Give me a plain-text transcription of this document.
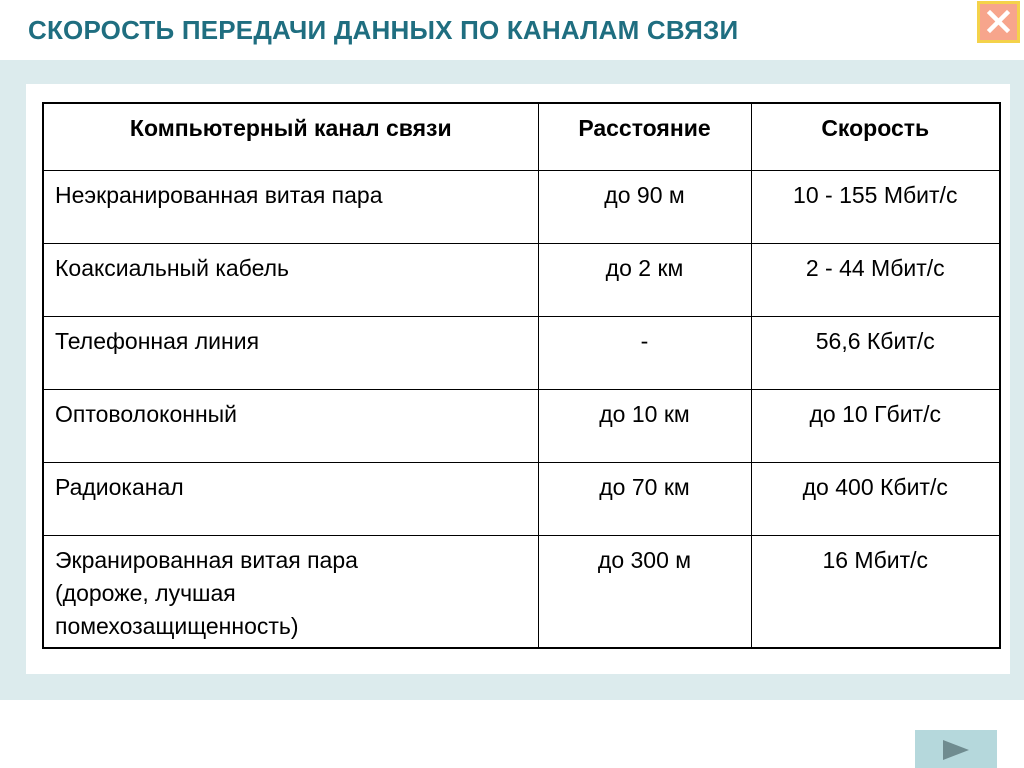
СКОРОСТЬ ПЕРЕДАЧИ ДАННЫХ ПО КАНАЛАМ СВЯЗИ
Компьютерный канал связи	Расстояние	Скорость
Неэкранированная витая пара	до 90 м	10 - 155 Мбит/с
Коаксиальный кабель	до 2 км	2 - 44 Мбит/с
Телефонная линия	-	56,6 Кбит/с
Оптоволоконный	до 10 км	до 10 Гбит/с
Радиоканал	до 70 км	до 400 Кбит/с

Экранированная витая пара
(дороже, лучшая
помехозащищенность)	до 300 м	16 Мбит/с
